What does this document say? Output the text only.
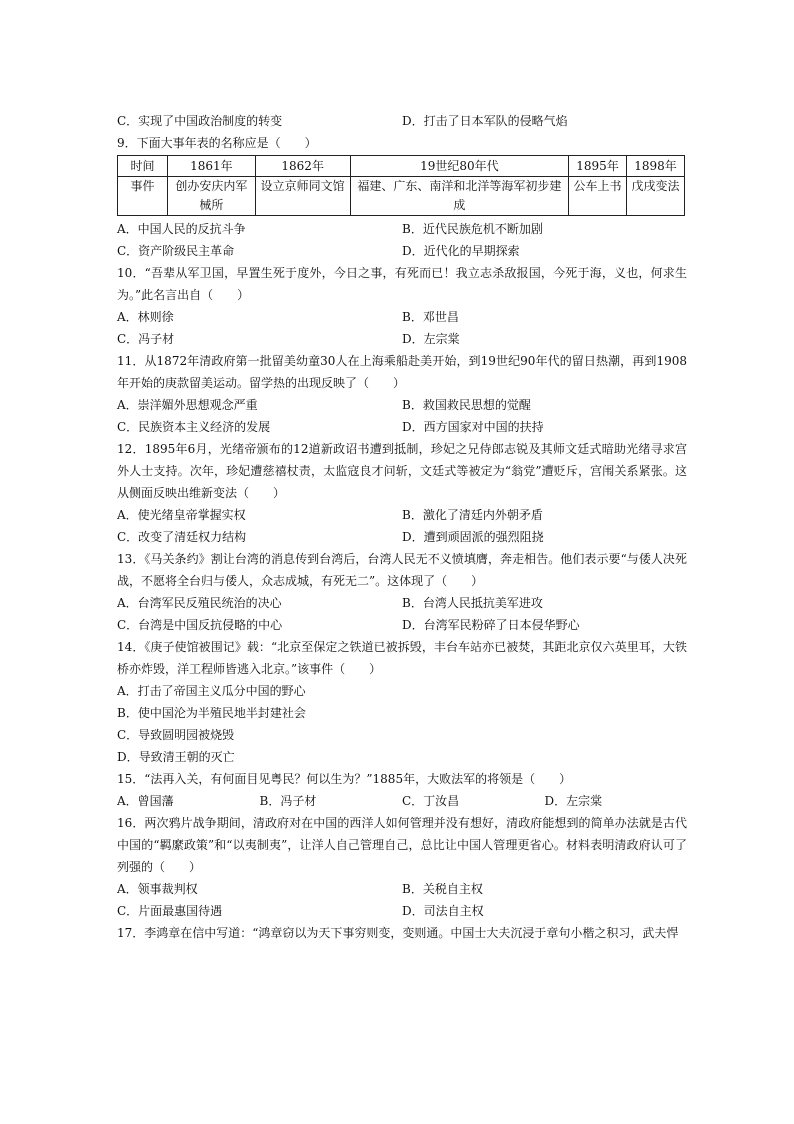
C．实现了中国政治制度的转变	D．打击了日本军队的侵略气焰
9．下面大事年表的名称应是（　　）
时间	1861年	1862年	19世纪80年代	1895年	1898年
事件	创办安庆内军械所	设立京师同文馆	福建、广东、南洋和北洋等海军初步建成	公车上书	戊戌变法
A．中国人民的反抗斗争	B．近代民族危机不断加剧
C．资产阶级民主革命	D．近代化的早期探索
10．“吾辈从军卫国，早置生死于度外，今日之事，有死而已！我立志杀敌报国，今死于海，义也，何求生为。”此名言出自（　　）
A．林则徐	B．邓世昌
C．冯子材	D．左宗棠
11．从1872年清政府第一批留美幼童30人在上海乘船赴美开始，到19世纪90年代的留日热潮，再到1908年开始的庚款留美运动。留学热的出现反映了（　　）
A．崇洋媚外思想观念严重	B．救国救民思想的觉醒
C．民族资本主义经济的发展	D．西方国家对中国的扶持
12．1895年6月，光绪帝颁布的12道新政诏书遭到抵制，珍妃之兄侍郎志锐及其师文廷式暗助光绪寻求宫外人士支持。次年，珍妃遭慈禧杖责，太监寇良才问斩，文廷式等被定为“翁党”遭贬斥，宫闱关系紧张。这从侧面反映出维新变法（　　）
A．使光绪皇帝掌握实权	B．激化了清廷内外朝矛盾
C．改变了清廷权力结构	D．遭到顽固派的强烈阻挠
13．《马关条约》割让台湾的消息传到台湾后，台湾人民无不义愤填膺，奔走相告。他们表示要“与倭人决死战，不愿将全台归与倭人，众志成城，有死无二”。这体现了（　　）
A．台湾军民反殖民统治的决心	B．台湾人民抵抗美军进攻
C．台湾是中国反抗侵略的中心	D．台湾军民粉碎了日本侵华野心
14．《庚子使馆被围记》载：“北京至保定之铁道已被拆毁，丰台车站亦已被焚，其距北京仅六英里耳，大铁桥亦炸毁，洋工程师皆逃入北京。”该事件（　　）
A．打击了帝国主义瓜分中国的野心
B．使中国沦为半殖民地半封建社会
C．导致圆明园被烧毁
D．导致清王朝的灭亡
15．“法再入关，有何面目见粤民？何以生为？”1885年，大败法军的将领是（　　）
A．曾国藩	B．冯子材	C．丁汝昌	D．左宗棠
16．两次鸦片战争期间，清政府对在中国的西洋人如何管理并没有想好，清政府能想到的简单办法就是古代中国的“羁縻政策”和“以夷制夷”，让洋人自己管理自己，总比让中国人管理更省心。材料表明清政府认可了列强的（　　）
A．领事裁判权	B．关税自主权
C．片面最惠国待遇	D．司法自主权
17．李鸿章在信中写道：“鸿章窃以为天下事穷则变，变则通。中国士大夫沉浸于章句小楷之积习，武夫悍
